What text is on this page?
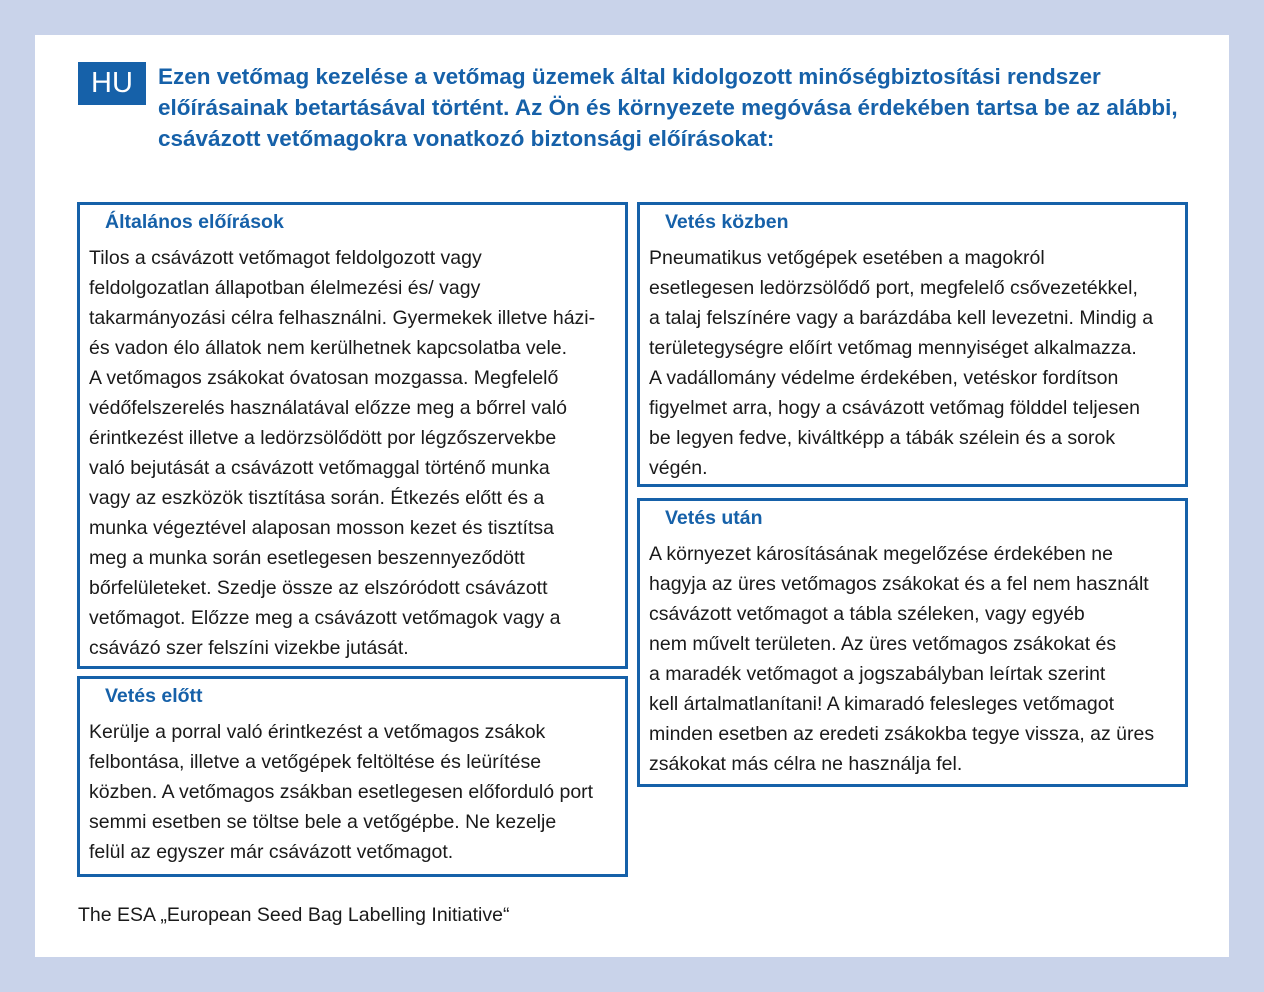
HU	Ezen vetőmag kezelése a vetőmag üzemek által kidolgozott minőségbiztosítási rendszer előírásainak betartásával történt. Az Ön és környezete megóvása érdekében tartsa be az alábbi, csávázott vetőmagokra vonatkozó biztonsági előírásokat:

Általános előírások

Tilos a csávázott vetőmagot feldolgozott vagy
feldolgozatlan állapotban élelmezési és/ vagy
takarmányozási célra felhasználni. Gyermekek illetve házi-
és vadon élo állatok nem kerülhetnek kapcsolatba vele.
A vetőmagos zsákokat óvatosan mozgassa. Megfelelő
védőfelszerelés használatával előzze meg a bőrrel való
érintkezést illetve a ledörzsölődött por légzőszervekbe
való bejutását a csávázott vetőmaggal történő munka
vagy az eszközök tisztítása során. Étkezés előtt és a
munka végeztével alaposan mosson kezet és tisztítsa
meg a munka során esetlegesen beszennyeződött
bőrfelületeket. Szedje össze az elszóródott csávázott
vetőmagot. Előzze meg a csávázott vetőmagok vagy a
csávázó szer felszíni vizekbe jutását.

Vetés előtt

Kerülje a porral való érintkezést a vetőmagos zsákok
felbontása, illetve a vetőgépek feltöltése és leürítése
közben. A vetőmagos zsákban esetlegesen előforduló port
semmi esetben se töltse bele a vetőgépbe. Ne kezelje
felül az egyszer már csávázott vetőmagot.

Vetés közben

Pneumatikus vetőgépek esetében a magokról
esetlegesen ledörzsölődő port, megfelelő csővezetékkel,
a talaj felszínére vagy a barázdába kell levezetni. Mindig a
területegységre előírt vetőmag mennyiséget alkalmazza.
A vadállomány védelme érdekében, vetéskor fordítson
figyelmet arra, hogy a csávázott vetőmag földdel teljesen
be legyen fedve, kiváltképp a tábák szélein és a sorok
végén.

Vetés után

A környezet károsításának megelőzése érdekében ne
hagyja az üres vetőmagos zsákokat és a fel nem használt
csávázott vetőmagot a tábla széleken, vagy egyéb
nem művelt területen. Az üres vetőmagos zsákokat és
a maradék vetőmagot a jogszabályban leírtak szerint
kell ártalmatlanítani! A kimaradó felesleges vetőmagot
minden esetben az eredeti zsákokba tegye vissza, az üres
zsákokat más célra ne használja fel.

The ESA „European Seed Bag Labelling Initiative“
